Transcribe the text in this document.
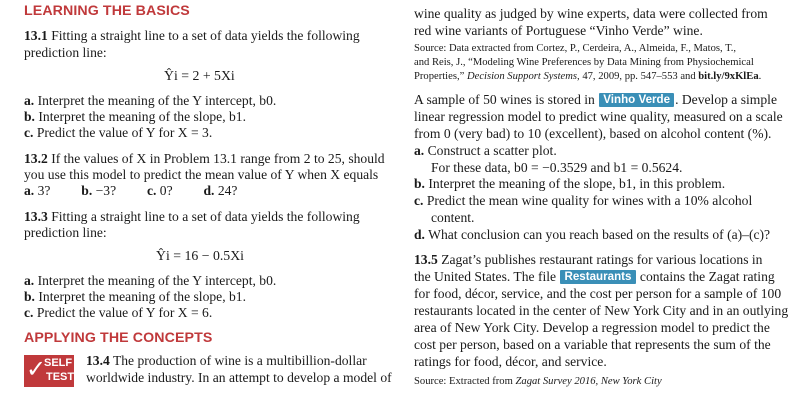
LEARNING THE BASICS
13.1 Fitting a straight line to a set of data yields the following
prediction line:
Ŷi = 2 + 5Xi
a. Interpret the meaning of the Y intercept, b0.
b. Interpret the meaning of the slope, b1.
c. Predict the value of Y for X = 3.
13.2 If the values of X in Problem 13.1 range from 2 to 25, should
you use this model to predict the mean value of Y when X equals
a. 3? b. −3? c. 0? d. 24?
13.3 Fitting a straight line to a set of data yields the following
prediction line:
Ŷi = 16 − 0.5Xi
a. Interpret the meaning of the Y intercept, b0.
b. Interpret the meaning of the slope, b1.
c. Predict the value of Y for X = 6.
APPLYING THE CONCEPTS
13.4 The production of wine is a multibillion-dollar
worldwide industry. In an attempt to develop a model of
✓
SELF
TEST
wine quality as judged by wine experts, data were collected from
red wine variants of Portuguese “Vinho Verde” wine.
Source: Data extracted from Cortez, P., Cerdeira, A., Almeida, F., Matos, T.,
and Reis, J., “Modeling Wine Preferences by Data Mining from Physiochemical
Properties,” Decision Support Systems, 47, 2009, pp. 547–553 and bit.ly/9xKlEa.
A sample of 50 wines is stored in Vinho Verde . Develop a simple
linear regression model to predict wine quality, measured on a scale
from 0 (very bad) to 10 (excellent), based on alcohol content (%).
a. Construct a scatter plot.
For these data, b0 = −0.3529 and b1 = 0.5624.
b. Interpret the meaning of the slope, b1, in this problem.
c. Predict the mean wine quality for wines with a 10% alcohol
content.
d. What conclusion can you reach based on the results of (a)–(c)?
13.5 Zagat’s publishes restaurant ratings for various locations in
the United States. The file Restaurants contains the Zagat rating
for food, décor, service, and the cost per person for a sample of 100
restaurants located in the center of New York City and in an outlying
area of New York City. Develop a regression model to predict the
cost per person, based on a variable that represents the sum of the
ratings for food, décor, and service.
Source: Extracted from Zagat Survey 2016, New York City
